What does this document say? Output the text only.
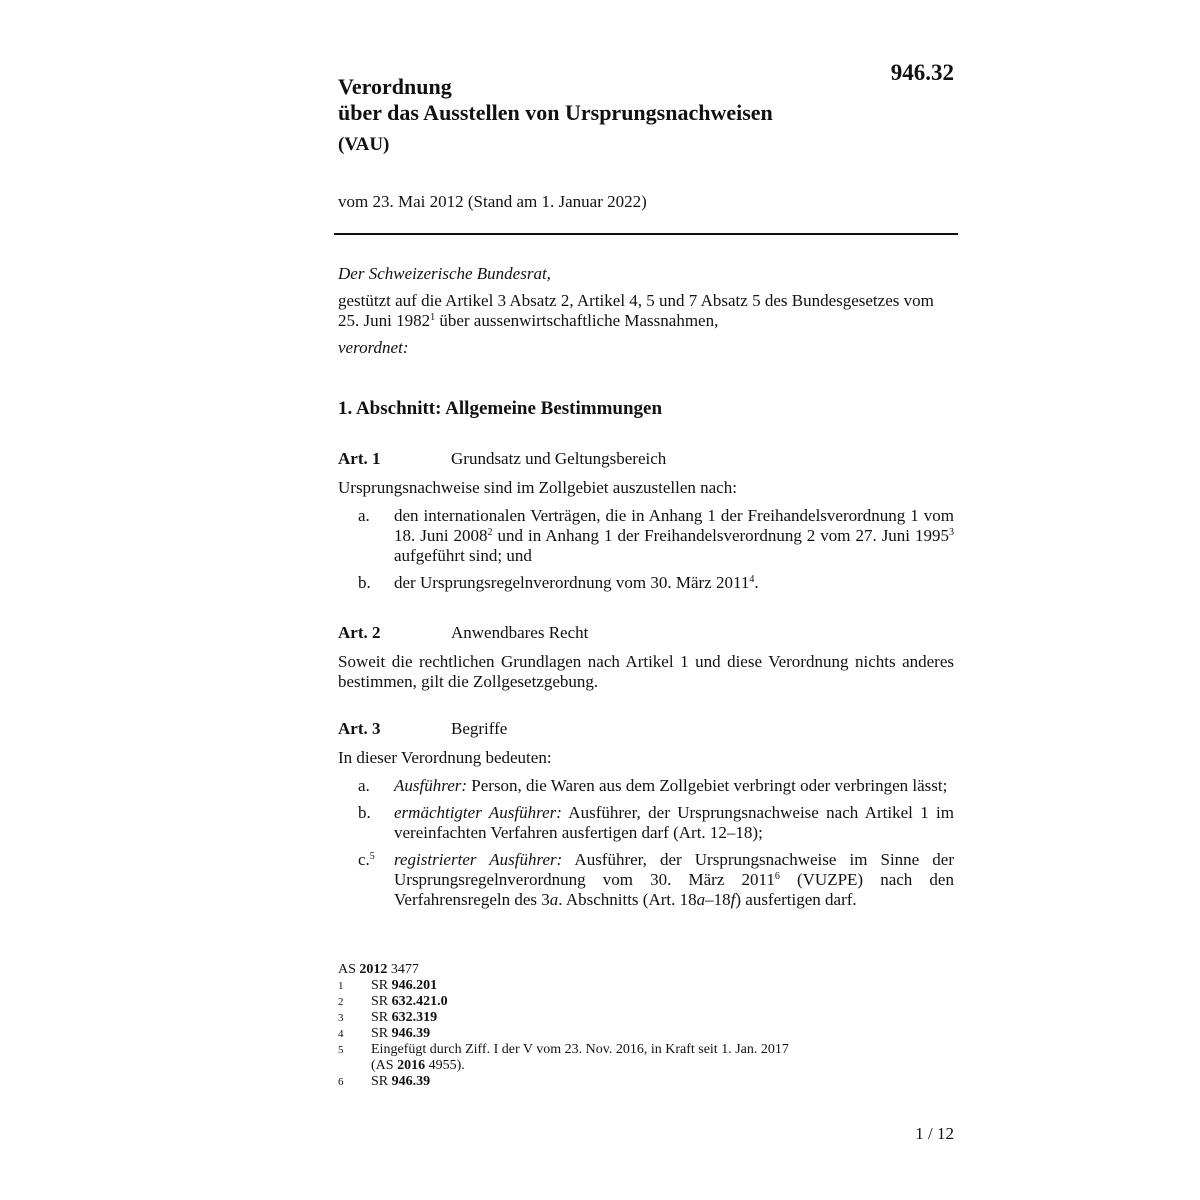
946.32
Verordnung
über das Ausstellen von Ursprungsnachweisen
(VAU)
vom 23. Mai 2012 (Stand am 1. Januar 2022)
Der Schweizerische Bundesrat,
gestützt auf die Artikel 3 Absatz 2, Artikel 4, 5 und 7 Absatz 5 des Bundesgesetzes vom 25. Juni 1982$^1$ über aussenwirtschaftliche Massnahmen,
verordnet:
1. Abschnitt: Allgemeine Bestimmungen
Art. 1	Grundsatz und Geltungsbereich
Ursprungsnachweise sind im Zollgebiet auszustellen nach:
a.	den internationalen Verträgen, die in Anhang 1 der Freihandelsverordnung 1 vom 18. Juni 2008$^2$ und in Anhang 1 der Freihandelsverordnung 2 vom 27. Juni 1995$^3$ aufgeführt sind; und
b.	der Ursprungsregelnverordnung vom 30. März 2011$^4$.
Art. 2	Anwendbares Recht
Soweit die rechtlichen Grundlagen nach Artikel 1 und diese Verordnung nichts anderes bestimmen, gilt die Zollgesetzgebung.
Art. 3	Begriffe
In dieser Verordnung bedeuten:
a.	Ausführer: Person, die Waren aus dem Zollgebiet verbringt oder verbringen lässt;
b.	ermächtigter Ausführer: Ausführer, der Ursprungsnachweise nach Artikel 1 im vereinfachten Verfahren ausfertigen darf (Art. 12–18);
c.$^5$	registrierter Ausführer: Ausführer, der Ursprungsnachweise im Sinne der Ursprungsregelnverordnung vom 30. März 2011$^6$ (VUZPE) nach den Verfahrensregeln des 3a. Abschnitts (Art. 18a–18f) ausfertigen darf.
AS 2012 3477
1	SR 946.201
2	SR 632.421.0
3	SR 632.319
4	SR 946.39
5	Eingefügt durch Ziff. I der V vom 23. Nov. 2016, in Kraft seit 1. Jan. 2017
(AS 2016 4955).
6	SR 946.39
1 / 12
